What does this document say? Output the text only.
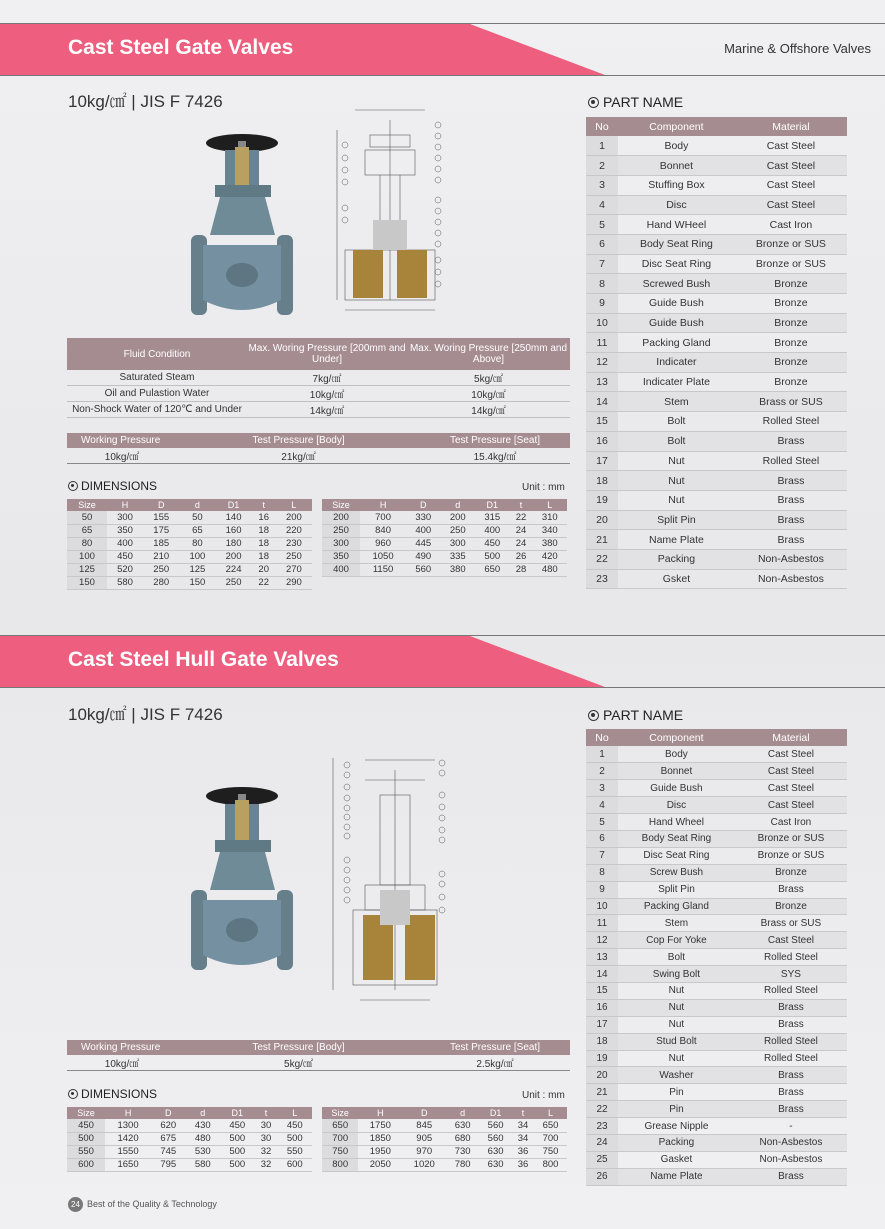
Cast Steel Gate Valves	Marine & Offshore Valves
10kg/㎠ | JIS F 7426	PART NAME
No	Component	Material
1	Body	Cast Steel
2	Bonnet	Cast Steel
3	Stuffing Box	Cast Steel
4	Disc	Cast Steel
5	Hand WHeel	Cast Iron
6	Body Seat Ring	Bronze or SUS
7	Disc Seat Ring	Bronze or SUS
8	Screwed Bush	Bronze
9	Guide Bush	Bronze
10	Guide Bush	Bronze
11	Packing Gland	Bronze
12	Indicater	Bronze
13	Indicater Plate	Bronze
14	Stem	Brass or SUS
15	Bolt	Rolled Steel
16	Bolt	Brass
17	Nut	Rolled Steel
18	Nut	Brass
19	Nut	Brass
20	Split Pin	Brass
21	Name Plate	Brass
22	Packing	Non-Asbestos
23	Gsket	Non-Asbestos
Fluid Condition	Max. Woring Pressure [200mm and Under]	Max. Woring Pressure [250mm and Above]
Saturated Steam	7kg/㎠	5kg/㎠
Oil and Pulastion Water	10kg/㎠	10kg/㎠
Non-Shock Water of 120℃ and Under	14kg/㎠	14kg/㎠
Working Pressure	Test Pressure [Body]	Test Pressure [Seat]
10kg/㎠	21kg/㎠	15.4kg/㎠
DIMENSIONS	Unit : mm
Size	H	D	d	D1	t	L
50	300	155	50	140	16	200
65	350	175	65	160	18	220
80	400	185	80	180	18	230
100	450	210	100	200	18	250
125	520	250	125	224	20	270
150	580	280	150	250	22	290
Size	H	D	d	D1	t	L
200	700	330	200	315	22	310
250	840	400	250	400	24	340
300	960	445	300	450	24	380
350	1050	490	335	500	26	420
400	1150	560	380	650	28	480
Cast Steel Hull Gate Valves
10kg/㎠ | JIS F 7426	PART NAME
No	Component	Material
1	Body	Cast Steel
2	Bonnet	Cast Steel
3	Guide Bush	Cast Steel
4	Disc	Cast Steel
5	Hand Wheel	Cast Iron
6	Body Seat Ring	Bronze or SUS
7	Disc Seat Ring	Bronze or SUS
8	Screw Bush	Bronze
9	Split Pin	Brass
10	Packing Gland	Bronze
11	Stem	Brass or SUS
12	Cop For Yoke	Cast Steel
13	Bolt	Rolled Steel
14	Swing Bolt	SYS
15	Nut	Rolled Steel
16	Nut	Brass
17	Nut	Brass
18	Stud Bolt	Rolled Steel
19	Nut	Rolled Steel
20	Washer	Brass
21	Pin	Brass
22	Pin	Brass
23	Grease Nipple	-
24	Packing	Non-Asbestos
25	Gasket	Non-Asbestos
26	Name Plate	Brass
Working Pressure	Test Pressure [Body]	Test Pressure [Seat]
10kg/㎠	5kg/㎠	2.5kg/㎠
DIMENSIONS	Unit : mm
Size	H	D	d	D1	t	L
450	1300	620	430	450	30	450
500	1420	675	480	500	30	500
550	1550	745	530	500	32	550
600	1650	795	580	500	32	600
Size	H	D	d	D1	t	L
650	1750	845	630	560	34	650
700	1850	905	680	560	34	700
750	1950	970	730	630	36	750
800	2050	1020	780	630	36	800
24 Best of the Quality & Technology
